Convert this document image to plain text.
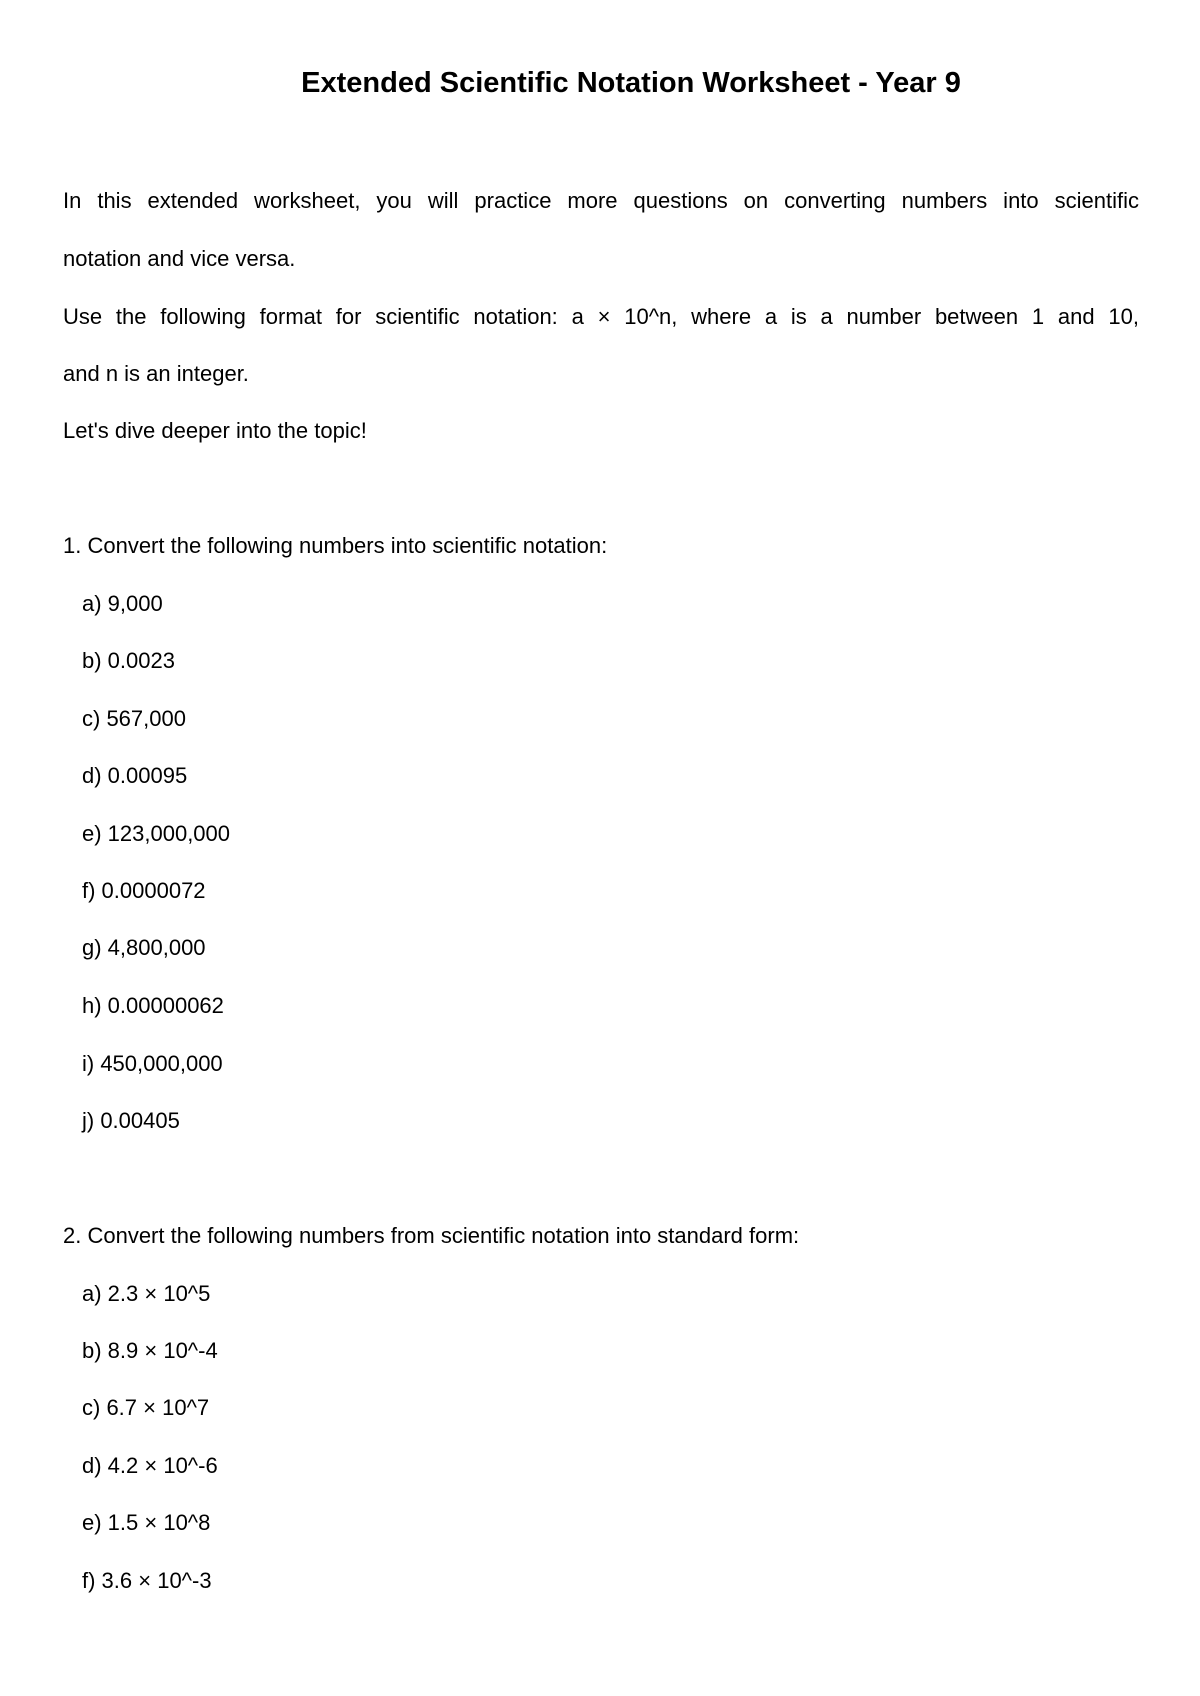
Extended Scientific Notation Worksheet - Year 9
In this extended worksheet, you will practice more questions on converting numbers into scientific
notation and vice versa.
Use the following format for scientific notation: a × 10^n, where a is a number between 1 and 10,
and n is an integer.
Let's dive deeper into the topic!
1. Convert the following numbers into scientific notation:
a) 9,000
b) 0.0023
c) 567,000
d) 0.00095
e) 123,000,000
f) 0.0000072
g) 4,800,000
h) 0.00000062
i) 450,000,000
j) 0.00405
2. Convert the following numbers from scientific notation into standard form:
a) 2.3 × 10^5
b) 8.9 × 10^-4
c) 6.7 × 10^7
d) 4.2 × 10^-6
e) 1.5 × 10^8
f) 3.6 × 10^-3
